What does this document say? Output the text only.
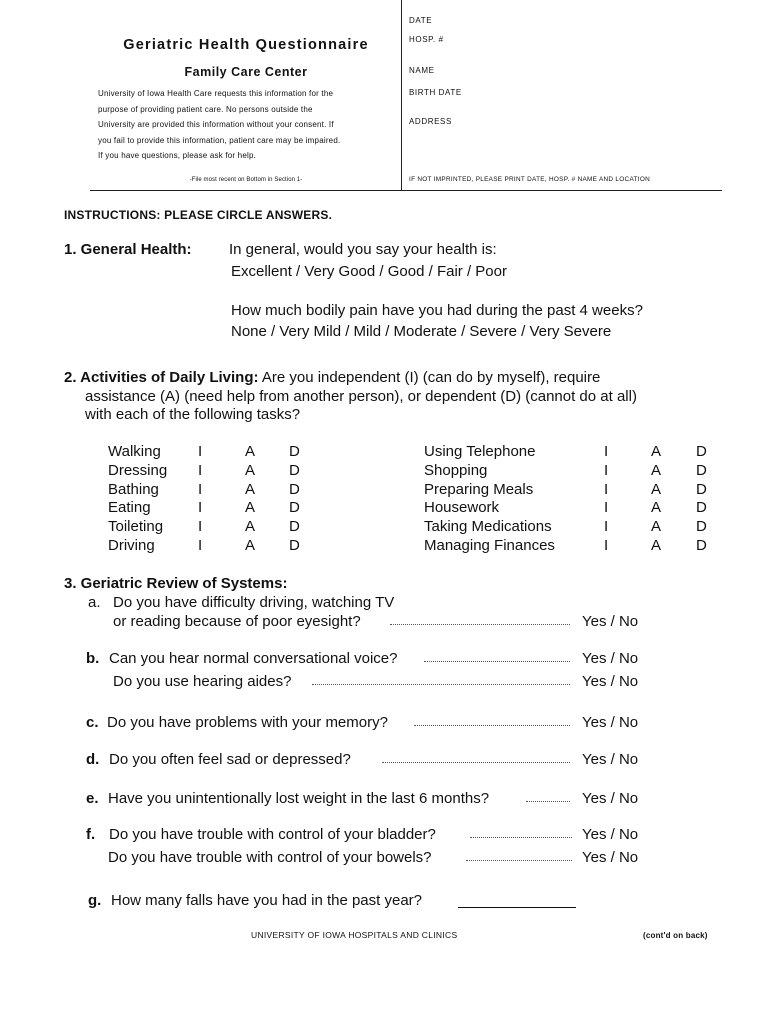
Geriatric Health Questionnaire
Family Care Center
University of Iowa Health Care requests this information for the
purpose of providing patient care. No persons outside the
University are provided this information without your consent. If
you fail to provide this information, patient care may be impaired.
If you have questions, please ask for help.
-File most recent on Bottom in Section 1-
DATE
HOSP. #
NAME
BIRTH DATE
ADDRESS
IF NOT IMPRINTED, PLEASE PRINT DATE, HOSP. # NAME AND LOCATION
INSTRUCTIONS: PLEASE CIRCLE ANSWERS.
1. General Health: In general, would you say your health is:
Excellent / Very Good / Good / Fair / Poor
How much bodily pain have you had during the past 4 weeks?
None / Very Mild / Mild / Moderate / Severe / Very Severe
2. Activities of Daily Living: Are you independent (I) (can do by myself), require
assistance (A) (need help from another person), or dependent (D) (cannot do at all)
with each of the following tasks?
Walking I	A D
Dressing I	A D
Bathing	I	A D
Eating	I	A D
Toileting I	A D
Driving	I	A D
Using Telephone	I	A D
Shopping	I	A D
Preparing Meals	I	A D
Housework	I	A D
Taking Medications	I	A D
Managing Finances	I	A D
3. Geriatric Review of Systems:
a. Do you have difficulty driving, watching TV
or reading because of poor eyesight?	Yes / No
b. Can you hear normal conversational voice?	Yes / No
Do you use hearing aides?	Yes / No
c. Do you have problems with your memory?	Yes / No
d. Do you often feel sad or depressed?	Yes / No
e. Have you unintentionally lost weight in the last 6 months?	Yes / No
f. Do you have trouble with control of your bladder?	Yes / No
Do you have trouble with control of your bowels?	Yes / No
g. How many falls have you had in the past year?
UNIVERSITY OF IOWA HOSPITALS AND CLINICS	(cont'd on back)
